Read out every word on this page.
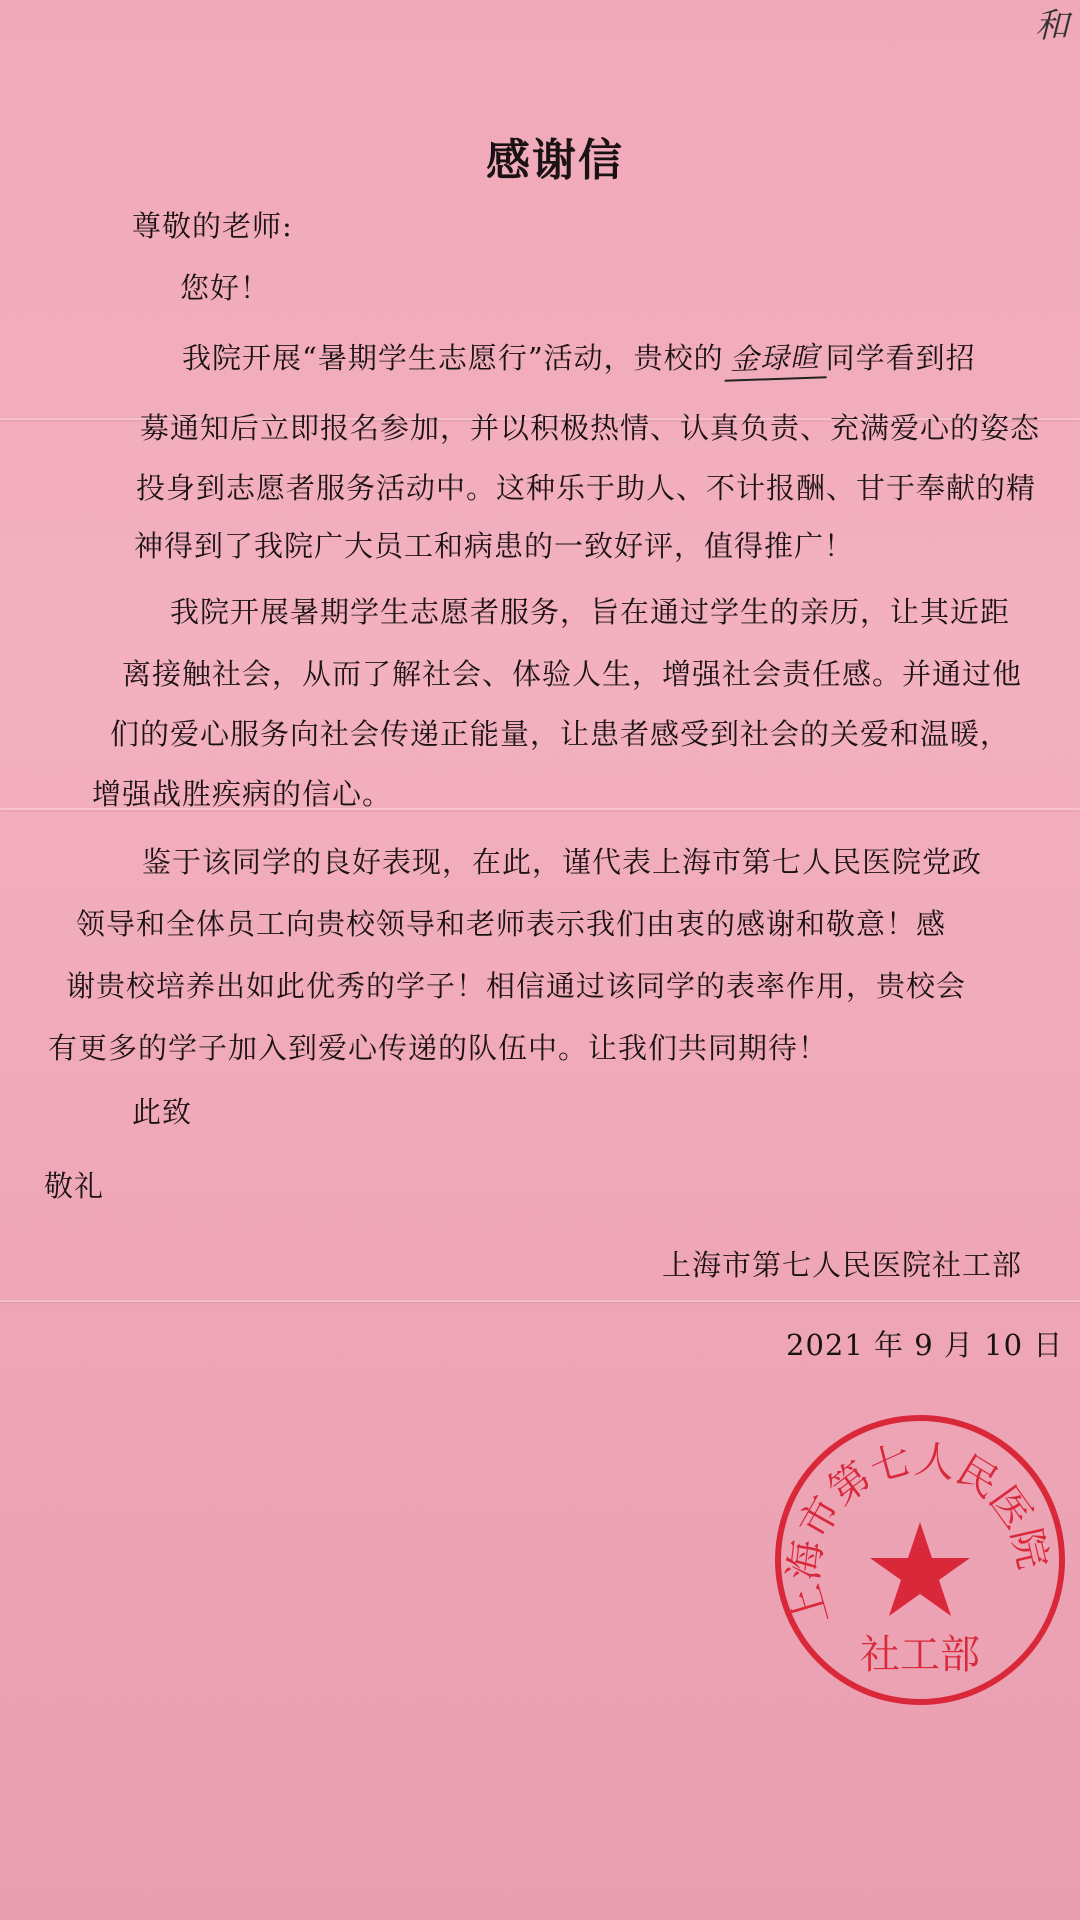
和
感谢信
尊敬的老师:
您好！
我院开展“暑期学生志愿行”活动，贵校的 金琭暄 同学看到招
募通知后立即报名参加，并以积极热情、认真负责、充满爱心的姿态
投身到志愿者服务活动中。这种乐于助人、不计报酬、甘于奉献的精
神得到了我院广大员工和病患的一致好评，值得推广！
我院开展暑期学生志愿者服务，旨在通过学生的亲历，让其近距
离接触社会，从而了解社会、体验人生，增强社会责任感。并通过他
们的爱心服务向社会传递正能量，让患者感受到社会的关爱和温暖，
增强战胜疾病的信心。
鉴于该同学的良好表现，在此，谨代表上海市第七人民医院党政
领导和全体员工向贵校领导和老师表示我们由衷的感谢和敬意！感
谢贵校培养出如此优秀的学子！相信通过该同学的表率作用，贵校会
有更多的学子加入到爱心传递的队伍中。让我们共同期待！
此致
敬礼
上海市第七人民医院社工部
2021 年 9 月 10 日
上海市第七人民医院
社工部
